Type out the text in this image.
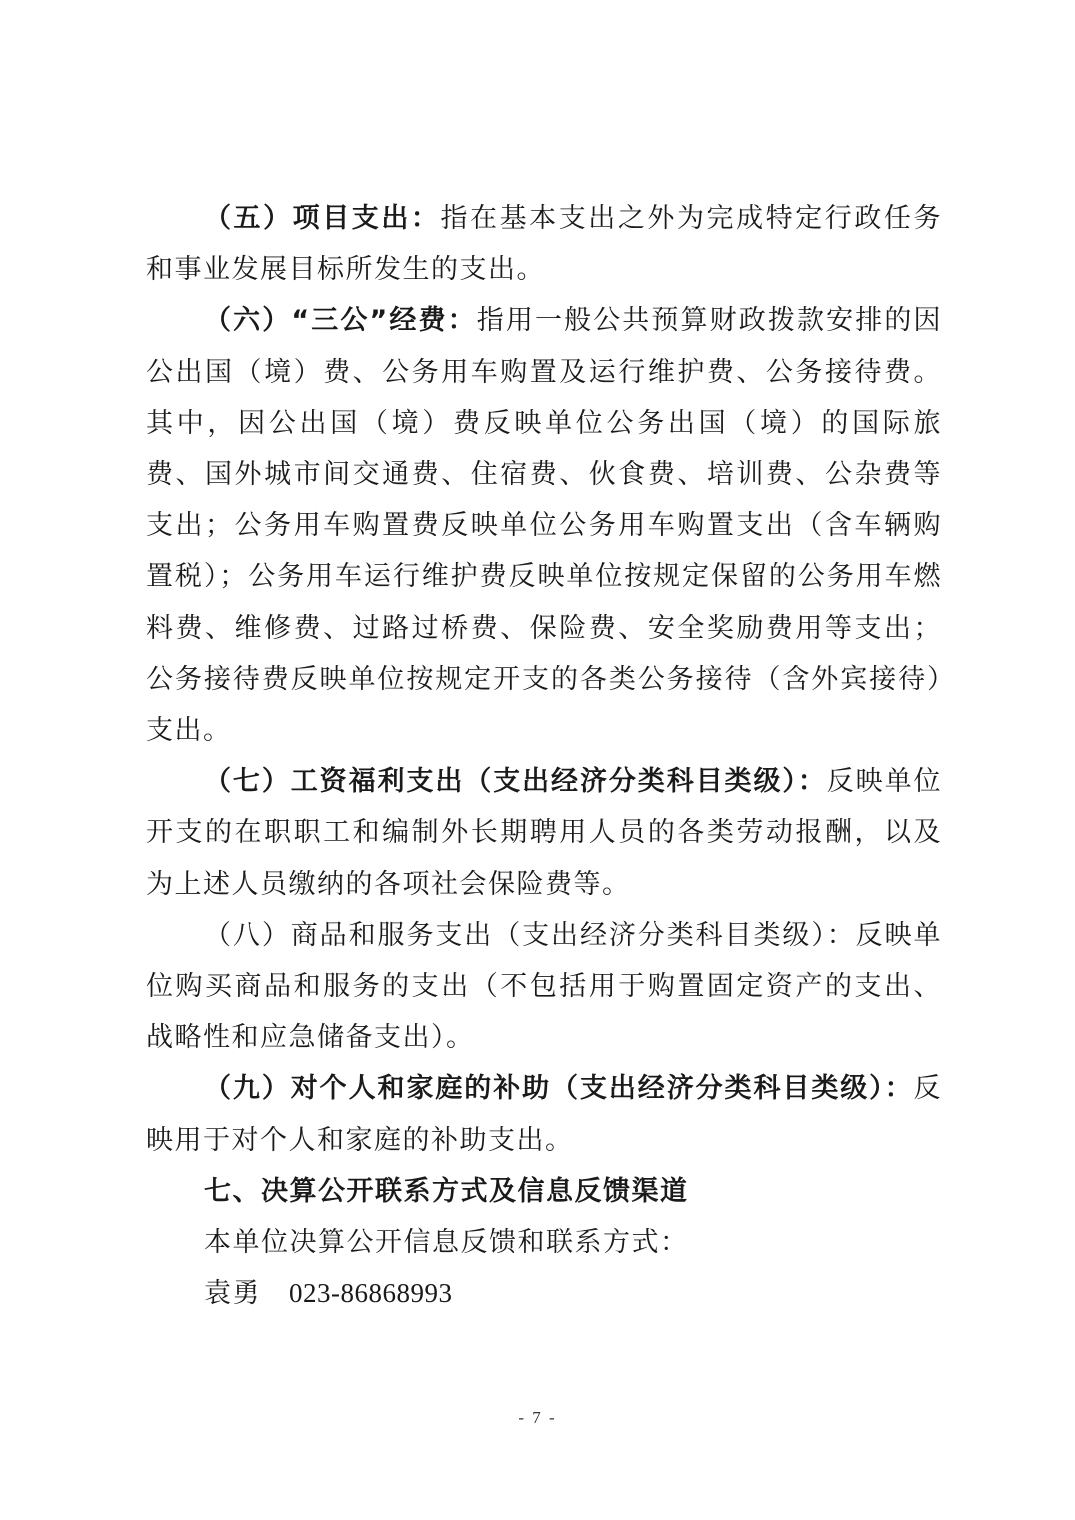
（五）项目支出：指在基本支出之外为完成特定行政任务和事业发展目标所发生的支出。

（六）“三公”经费：指用一般公共预算财政拨款安排的因公出国（境）费、公务用车购置及运行维护费、公务接待费。其中，因公出国（境）费反映单位公务出国（境）的国际旅费、国外城市间交通费、住宿费、伙食费、培训费、公杂费等支出；公务用车购置费反映单位公务用车购置支出（含车辆购置税）；公务用车运行维护费反映单位按规定保留的公务用车燃料费、维修费、过路过桥费、保险费、安全奖励费用等支出；公务接待费反映单位按规定开支的各类公务接待（含外宾接待）支出。

（七）工资福利支出（支出经济分类科目类级）：反映单位开支的在职职工和编制外长期聘用人员的各类劳动报酬，以及为上述人员缴纳的各项社会保险费等。

（八）商品和服务支出（支出经济分类科目类级）：反映单位购买商品和服务的支出（不包括用于购置固定资产的支出、战略性和应急储备支出）。

（九）对个人和家庭的补助（支出经济分类科目类级）：反映用于对个人和家庭的补助支出。

七、决算公开联系方式及信息反馈渠道

本单位决算公开信息反馈和联系方式：

袁勇 023-86868993

- 7 -
